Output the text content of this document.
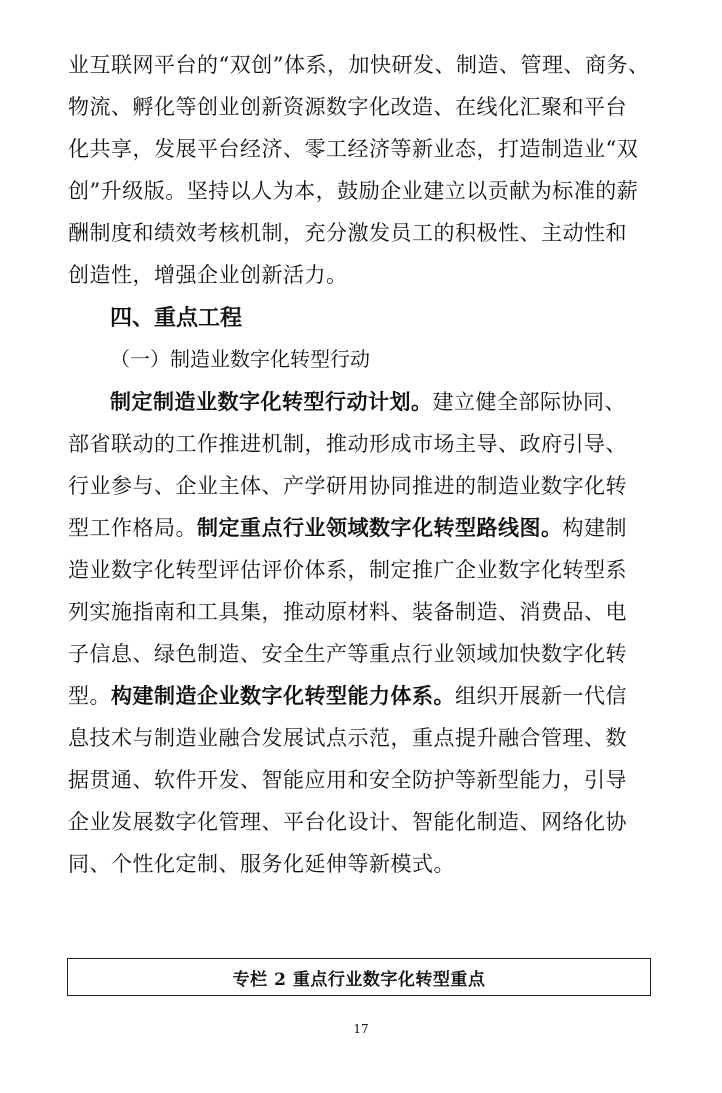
业互联网平台的“双创”体系，加快研发、制造、管理、商务、
物流、孵化等创业创新资源数字化改造、在线化汇聚和平台
化共享，发展平台经济、零工经济等新业态，打造制造业“双
创”升级版。坚持以人为本，鼓励企业建立以贡献为标准的薪
酬制度和绩效考核机制，充分激发员工的积极性、主动性和
创造性，增强企业创新活力。
四、重点工程
（一）制造业数字化转型行动
制定制造业数字化转型行动计划。建立健全部际协同、
部省联动的工作推进机制，推动形成市场主导、政府引导、
行业参与、企业主体、产学研用协同推进的制造业数字化转
型工作格局。制定重点行业领域数字化转型路线图。构建制
造业数字化转型评估评价体系，制定推广企业数字化转型系
列实施指南和工具集，推动原材料、装备制造、消费品、电
子信息、绿色制造、安全生产等重点行业领域加快数字化转
型。构建制造企业数字化转型能力体系。组织开展新一代信
息技术与制造业融合发展试点示范，重点提升融合管理、数
据贯通、软件开发、智能应用和安全防护等新型能力，引导
企业发展数字化管理、平台化设计、智能化制造、网络化协
同、个性化定制、服务化延伸等新模式。
专栏 2 重点行业数字化转型重点
17
